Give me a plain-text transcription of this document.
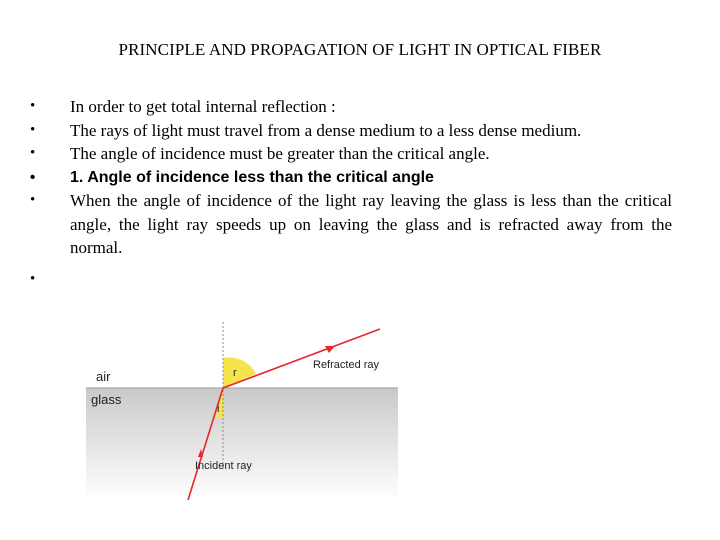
PRINCIPLE AND PROPAGATION OF LIGHT IN OPTICAL FIBER
• In order to get total internal reflection :
• The rays of light must travel from a dense medium to a less dense medium.
• The angle of incidence must be greater than the critical angle.
• 1. Angle of incidence less than the critical angle
• When the angle of incidence of the light ray leaving the glass is less than the critical angle, the light ray speeds up on leaving the glass and is refracted away from the normal.
•
air
glass
Refracted ray
Incident ray
r
i
